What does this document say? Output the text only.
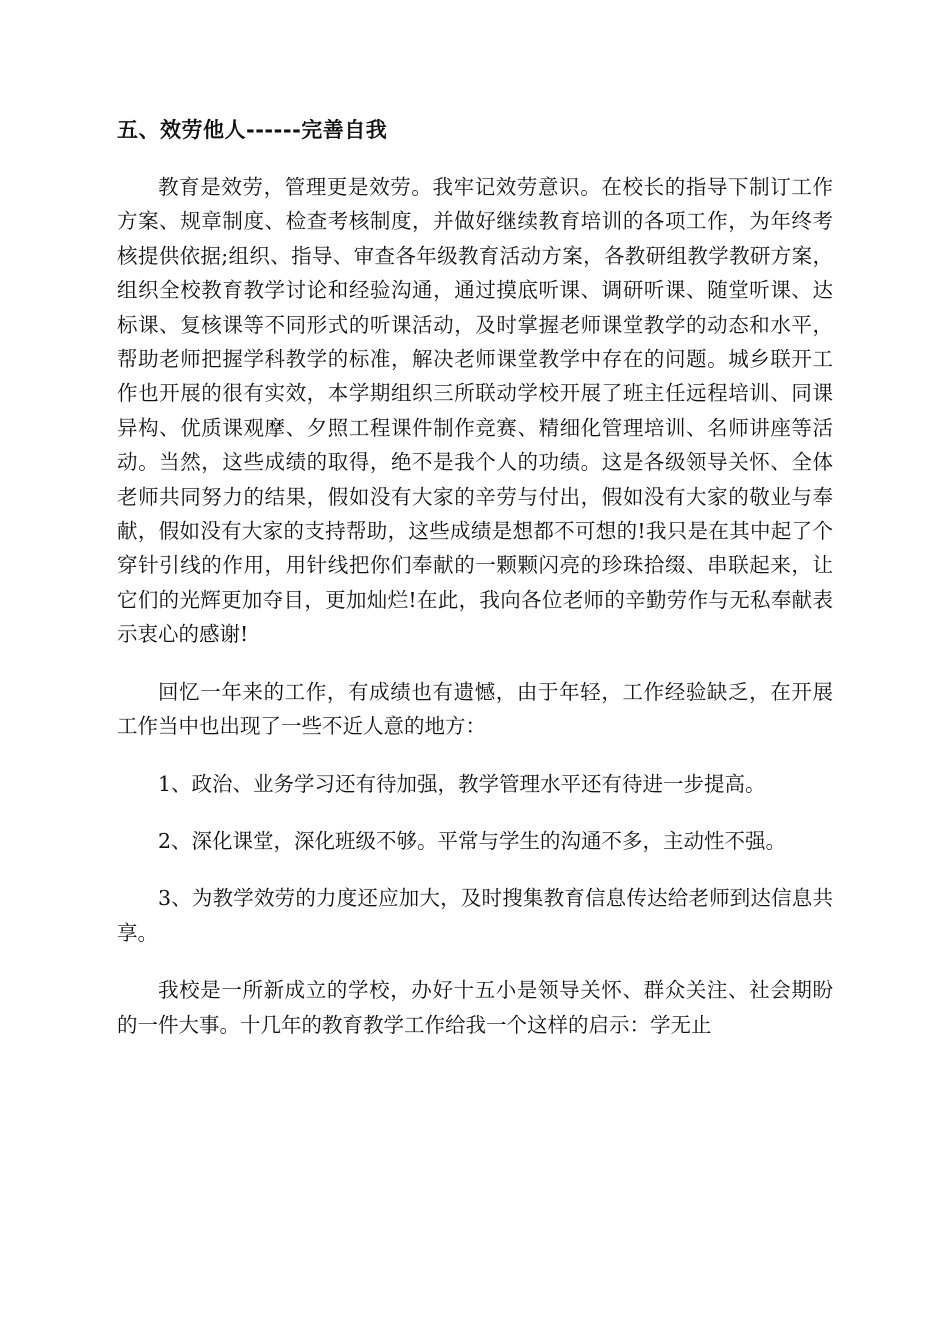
五、效劳他人------完善自我

教育是效劳，管理更是效劳。我牢记效劳意识。在校长的指导下制订工作方案、规章制度、检查考核制度，并做好继续教育培训的各项工作，为年终考核提供依据;组织、指导、审查各年级教育活动方案，各教研组教学教研方案，组织全校教育教学讨论和经验沟通，通过摸底听课、调研听课、随堂听课、达标课、复核课等不同形式的听课活动，及时掌握老师课堂教学的动态和水平，帮助老师把握学科教学的标准，解决老师课堂教学中存在的问题。城乡联开工作也开展的很有实效，本学期组织三所联动学校开展了班主任远程培训、同课异构、优质课观摩、夕照工程课件制作竞赛、精细化管理培训、名师讲座等活动。当然，这些成绩的取得，绝不是我个人的功绩。这是各级领导关怀、全体老师共同努力的结果，假如没有大家的辛劳与付出，假如没有大家的敬业与奉献，假如没有大家的支持帮助，这些成绩是想都不可想的!我只是在其中起了个穿针引线的作用，用针线把你们奉献的一颗颗闪亮的珍珠拾缀、串联起来，让它们的光辉更加夺目，更加灿烂!在此，我向各位老师的辛勤劳作与无私奉献表示衷心的感谢!

回忆一年来的工作，有成绩也有遗憾，由于年轻，工作经验缺乏，在开展工作当中也出现了一些不近人意的地方：

1、政治、业务学习还有待加强，教学管理水平还有待进一步提高。

2、深化课堂，深化班级不够。平常与学生的沟通不多，主动性不强。

3、为教学效劳的力度还应加大，及时搜集教育信息传达给老师到达信息共享。

我校是一所新成立的学校，办好十五小是领导关怀、群众关注、社会期盼的一件大事。十几年的教育教学工作给我一个这样的启示：学无止
